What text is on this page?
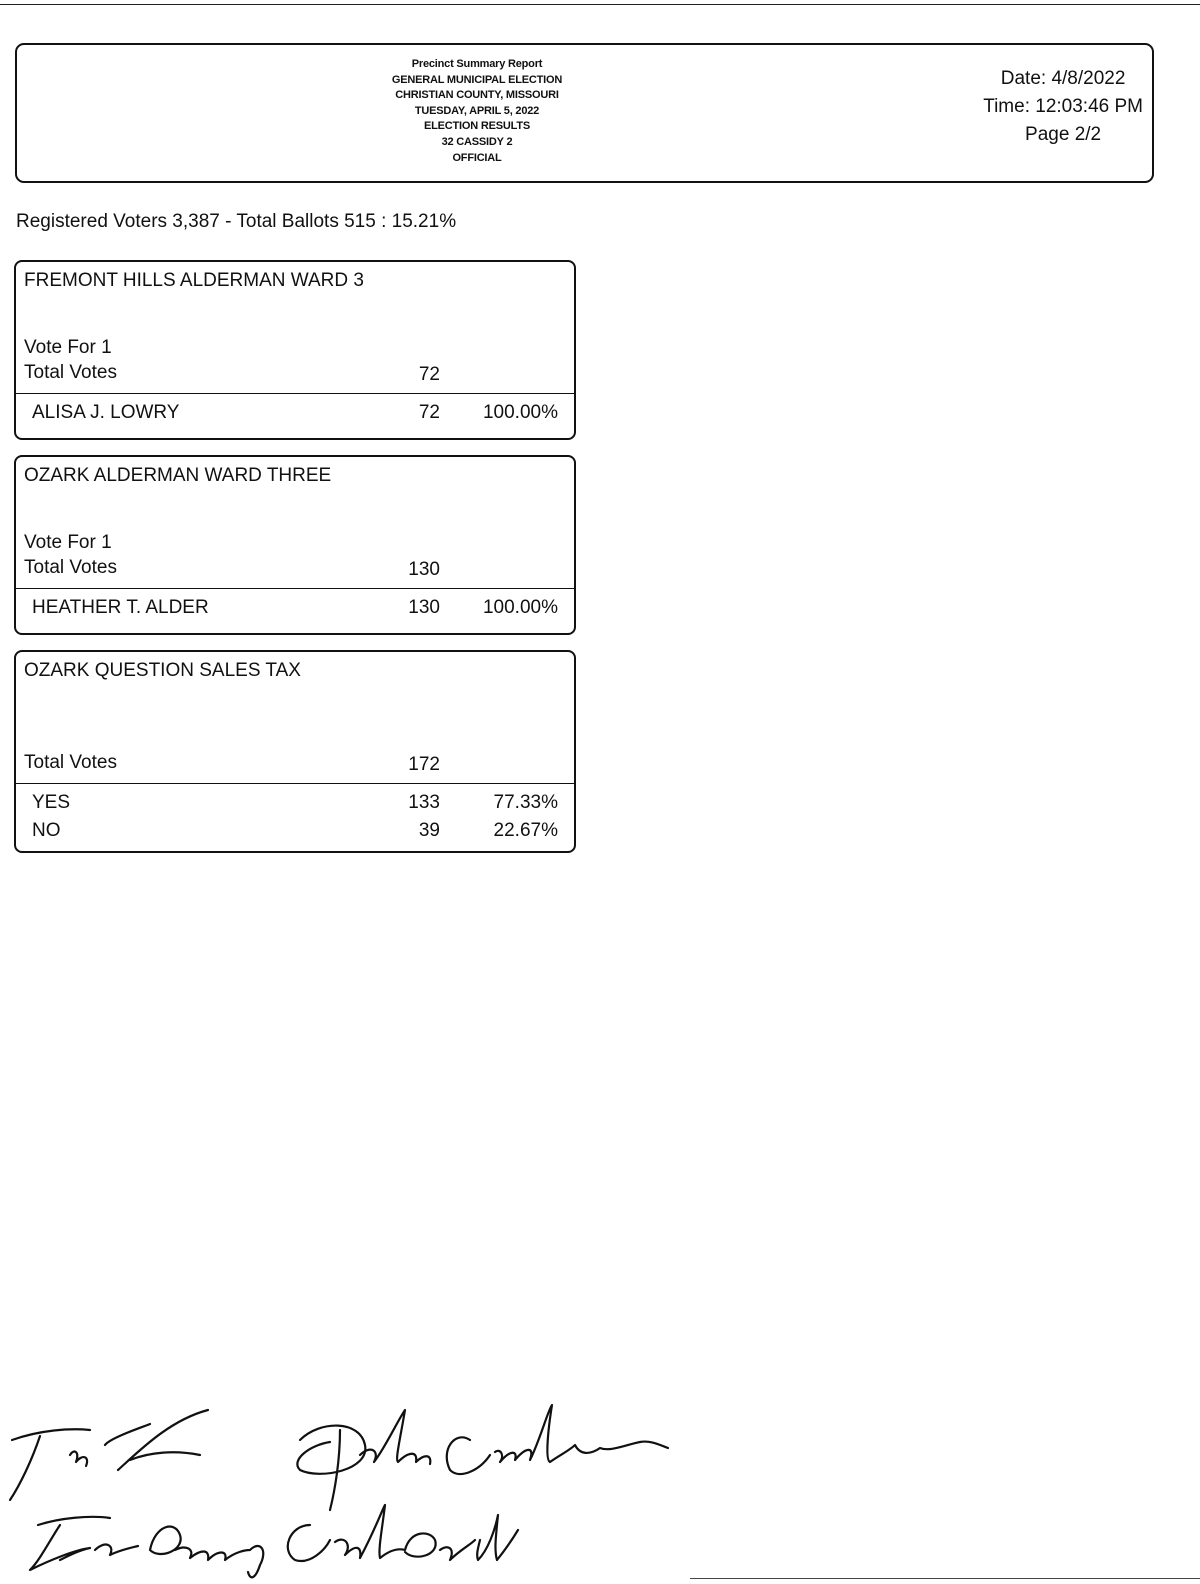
Precinct Summary Report
GENERAL MUNICIPAL ELECTION
CHRISTIAN COUNTY, MISSOURI
TUESDAY, APRIL 5, 2022
ELECTION RESULTS
32 CASSIDY 2
OFFICIAL
Date: 4/8/2022
Time: 12:03:46 PM
Page 2/2
Registered Voters 3,387 - Total Ballots 515 : 15.21%
FREMONT HILLS ALDERMAN WARD 3
Vote For 1
Total Votes	72
ALISA J. LOWRY	72 100.00%
OZARK ALDERMAN WARD THREE
Vote For 1
Total Votes	130
HEATHER T. ALDER	130 100.00%
OZARK QUESTION SALES TAX
Total Votes	172
YES	133	77.33%
NO	39	22.67%
